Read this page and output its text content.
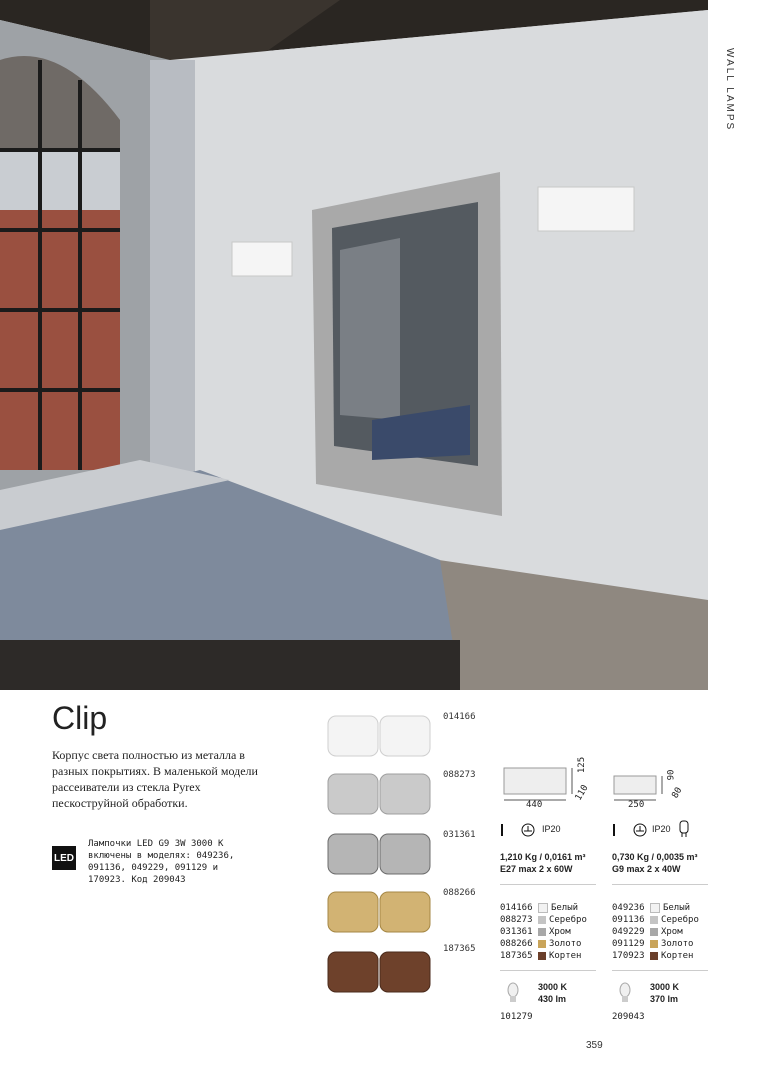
WALL LAMPS
Clip
Корпус света полностью из металла в разных покрытиях. В маленькой модели рассеиватели из стекла Pyrex пескоструйной обработки.
LED
Лампочки LED G9 3W 3000 K включены в моделях: 049236, 091136, 049229, 091129 и 170923. Код 209043
014166
088273
031361
088266
187365
440
125
110
IP20
1,210 Kg / 0,0161 m³
E27 max 2 x 60W
014166 Белый
088273 Серебро
031361 Хром
088266 Золото
187365 Кортен
3000 K
430 lm
101279
250
90
80
IP20
0,730 Kg / 0,0035 m³
G9 max 2 x 40W
049236 Белый
091136 Серебро
049229 Хром
091129 Золото
170923 Кортен
3000 K
370 lm
209043
359
